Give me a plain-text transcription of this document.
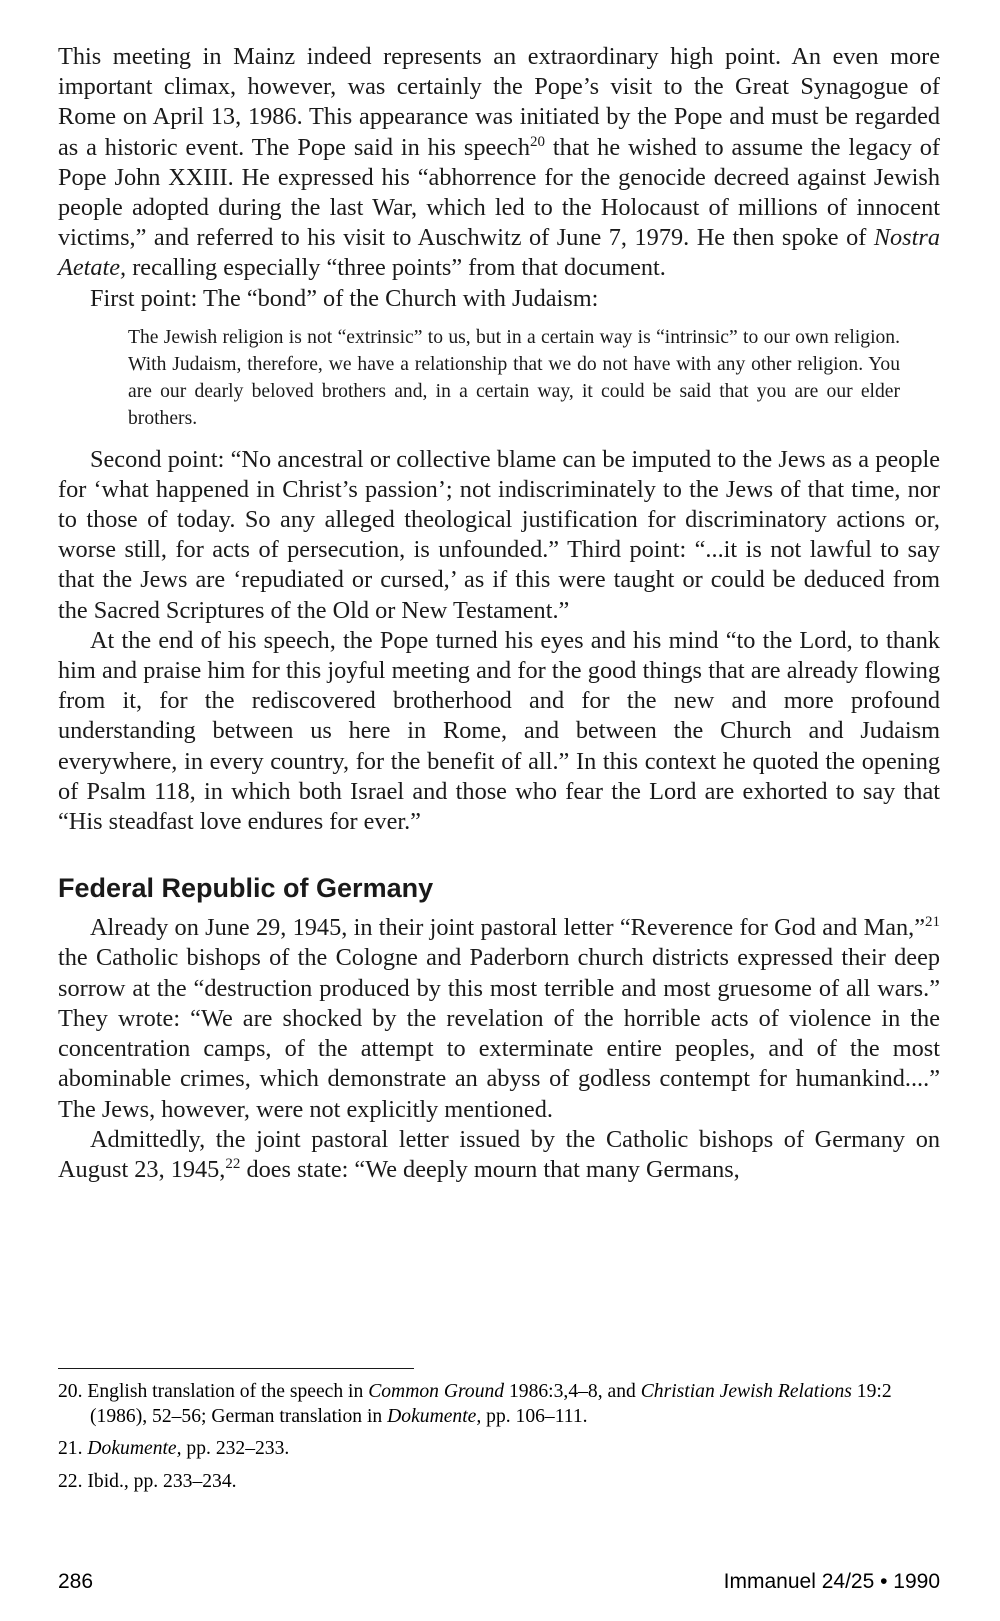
This meeting in Mainz indeed represents an extraordinary high point. An even more important climax, however, was certainly the Pope’s visit to the Great Synagogue of Rome on April 13, 1986. This appearance was initiated by the Pope and must be regarded as a historic event. The Pope said in his speech$^{20}$ that he wished to assume the legacy of Pope John XXIII. He expressed his “abhorrence for the genocide decreed against Jewish people adopted during the last War, which led to the Holocaust of millions of innocent victims,” and referred to his visit to Auschwitz of June 7, 1979. He then spoke of Nostra Aetate, recalling especially “three points” from that document.

First point: The “bond” of the Church with Judaism:

The Jewish religion is not “extrinsic” to us, but in a certain way is “intrinsic” to our own religion. With Judaism, therefore, we have a relationship that we do not have with any other religion. You are our dearly beloved brothers and, in a certain way, it could be said that you are our elder brothers.

Second point: “No ancestral or collective blame can be imputed to the Jews as a people for ‘what happened in Christ’s passion’; not indiscriminately to the Jews of that time, nor to those of today. So any alleged theological justification for discriminatory actions or, worse still, for acts of persecution, is unfounded.” Third point: “...it is not lawful to say that the Jews are ‘repudiated or cursed,’ as if this were taught or could be deduced from the Sacred Scriptures of the Old or New Testament.”

At the end of his speech, the Pope turned his eyes and his mind “to the Lord, to thank him and praise him for this joyful meeting and for the good things that are already flowing from it, for the rediscovered brotherhood and for the new and more profound understanding between us here in Rome, and between the Church and Judaism everywhere, in every country, for the benefit of all.” In this context he quoted the opening of Psalm 118, in which both Israel and those who fear the Lord are exhorted to say that “His steadfast love endures for ever.”

Federal Republic of Germany

Already on June 29, 1945, in their joint pastoral letter “Reverence for God and Man,”$^{21}$ the Catholic bishops of the Cologne and Paderborn church districts expressed their deep sorrow at the “destruction produced by this most terrible and most gruesome of all wars.” They wrote: “We are shocked by the revelation of the horrible acts of violence in the concentration camps, of the attempt to exterminate entire peoples, and of the most abominable crimes, which demonstrate an abyss of godless contempt for humankind....” The Jews, however, were not explicitly mentioned.

Admittedly, the joint pastoral letter issued by the Catholic bishops of Germany on August 23, 1945,22 does state: “We deeply mourn that many Germans,

20. English translation of the speech in Common Ground 1986:3,4–8, and Christian Jewish Relations 19:2 (1986), 52–56; German translation in Dokumente, pp. 106–111.

21. Dokumente, pp. 232–233.

22. Ibid., pp. 233–234.

286	Immanuel 24/25 • 1990
